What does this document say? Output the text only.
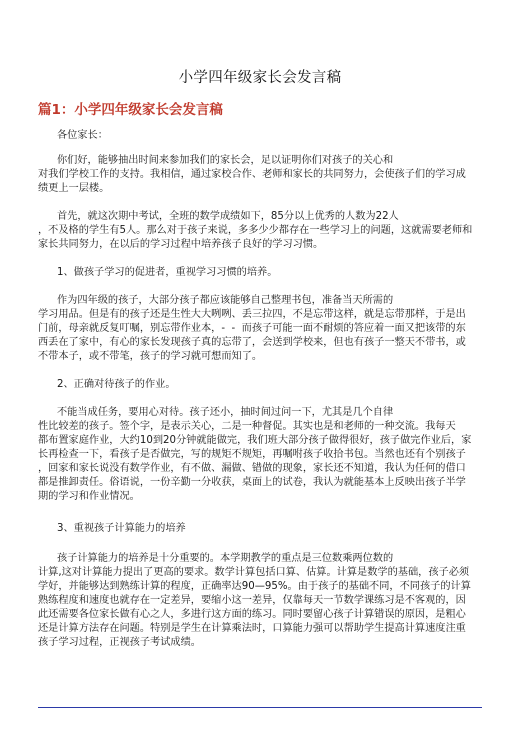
小学四年级家长会发言稿
篇1：小学四年级家长会发言稿
各位家长：
你们好，能够抽出时间来参加我们的家长会，足以证明你们对孩子的关心和
对我们学校工作的支持。我相信，通过家校合作、老师和家长的共同努力，会使孩子们的学习成
绩更上一层楼。
首先，就这次期中考试，全班的数学成绩如下，85分以上优秀的人数为22人
，不及格的学生有5人。那么对于孩子来说，多多少少都存在一些学习上的问题，这就需要老师和
家长共同努力，在以后的学习过程中培养孩子良好的学习习惯。
1、做孩子学习的促进者，重视学习习惯的培养。
作为四年级的孩子，大部分孩子都应该能够自己整理书包，准备当天所需的
学习用品。但是有的孩子还是生性大大咧咧、丢三拉四，不是忘带这样，就是忘带那样，于是出
门前，母亲就反复叮嘱，别忘带作业本，-  -  而孩子可能一面不耐烦的答应着一面又把该带的东
西丢在了家中，有心的家长发现孩子真的忘带了，会送到学校来，但也有孩子一整天不带书，或
不带本子，或不带笔，孩子的学习就可想而知了。
2、正确对待孩子的作业。
不能当成任务，要用心对待。孩子还小，抽时间过问一下，尤其是几个自律
性比较差的孩子。签个字，是表示关心，二是一种督促。其实也是和老师的一种交流。我每天
都布置家庭作业，大约10到20分钟就能做完，我们班大部分孩子做得很好，孩子做完作业后，家
长再检查一下，看孩子是否做完，写的规矩不规矩，再嘱咐孩子收拾书包。当然也还有个别孩子
，回家和家长说没有数学作业，有不做、漏做、错做的现象，家长还不知道，我认为任何的借口
都是推卸责任。俗语说，一份辛勤一分收获，桌面上的试卷，我认为就能基本上反映出孩子半学
期的学习和作业情况。
3、重视孩子计算能力的培养
孩子计算能力的培养是十分重要的。本学期教学的重点是三位数乘两位数的
计算,这对计算能力提出了更高的要求。数学计算包括口算、估算。计算是数学的基础，孩子必须
学好，并能够达到熟练计算的程度，正确率达90—95%。由于孩子的基础不同，不同孩子的计算
熟练程度和速度也就存在一定差异，要缩小这一差异，仅靠每天一节数学课练习是不客观的，因
此还需要各位家长做有心之人，多进行这方面的练习。同时要留心孩子计算错误的原因，是粗心
还是计算方法存在问题。特别是学生在计算乘法时，口算能力强可以帮助学生提高计算速度注重
孩子学习过程，正视孩子考试成绩。
